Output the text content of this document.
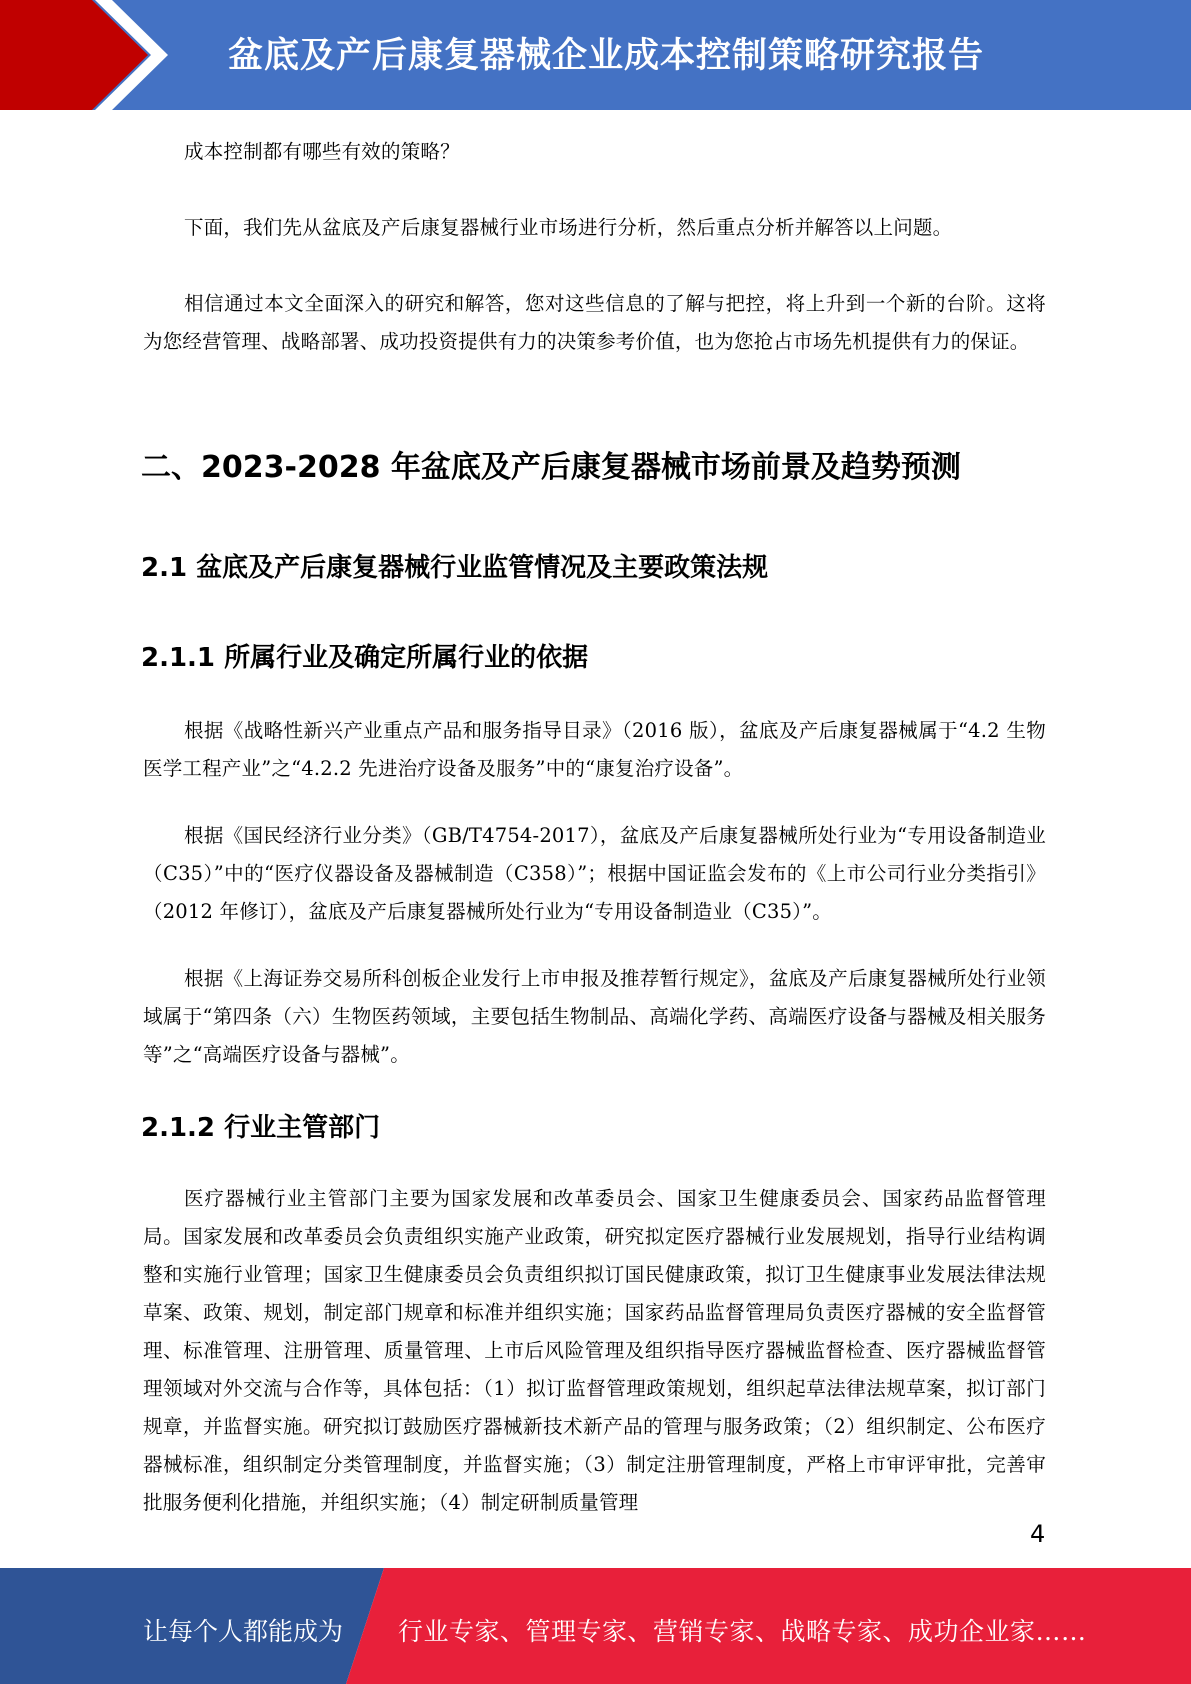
盆底及产后康复器械企业成本控制策略研究报告

成本控制都有哪些有效的策略？

下面，我们先从盆底及产后康复器械行业市场进行分析，然后重点分析并解答以上问题。

相信通过本文全面深入的研究和解答，您对这些信息的了解与把控，将上升到一个新的台阶。这将为您经营管理、战略部署、成功投资提供有力的决策参考价值，也为您抢占市场先机提供有力的保证。

二、2023-2028 年盆底及产后康复器械市场前景及趋势预测
2.1 盆底及产后康复器械行业监管情况及主要政策法规
2.1.1 所属行业及确定所属行业的依据

根据《战略性新兴产业重点产品和服务指导目录》（2016 版），盆底及产后康复器械属于“4.2 生物医学工程产业”之“4.2.2 先进治疗设备及服务”中的“康复治疗设备”。

根据《国民经济行业分类》（GB/T4754-2017），盆底及产后康复器械所处行业为“专用设备制造业（C35）”中的“医疗仪器设备及器械制造（C358）”；根据中国证监会发布的《上市公司行业分类指引》（2012 年修订），盆底及产后康复器械所处行业为“专用设备制造业（C35）”。

根据《上海证券交易所科创板企业发行上市申报及推荐暂行规定》，盆底及产后康复器械所处行业领域属于“第四条（六）生物医药领域，主要包括生物制品、高端化学药、高端医疗设备与器械及相关服务等”之“高端医疗设备与器械”。

2.1.2 行业主管部门

医疗器械行业主管部门主要为国家发展和改革委员会、国家卫生健康委员会、国家药品监督管理局。国家发展和改革委员会负责组织实施产业政策，研究拟定医疗器械行业发展规划，指导行业结构调整和实施行业管理；国家卫生健康委员会负责组织拟订国民健康政策，拟订卫生健康事业发展法律法规草案、政策、规划，制定部门规章和标准并组织实施；国家药品监督管理局负责医疗器械的安全监督管理、标准管理、注册管理、质量管理、上市后风险管理及组织指导医疗器械监督检查、医疗器械监督管理领域对外交流与合作等，具体包括：（1）拟订监督管理政策规划，组织起草法律法规草案，拟订部门规章，并监督实施。研究拟订鼓励医疗器械新技术新产品的管理与服务政策；（2）组织制定、公布医疗器械标准，组织制定分类管理制度，并监督实施；（3）制定注册管理制度，严格上市审评审批，完善审批服务便利化措施，并组织实施；（4）制定研制质量管理

4
让每个人都能成为 行业专家、管理专家、营销专家、战略专家、成功企业家……
